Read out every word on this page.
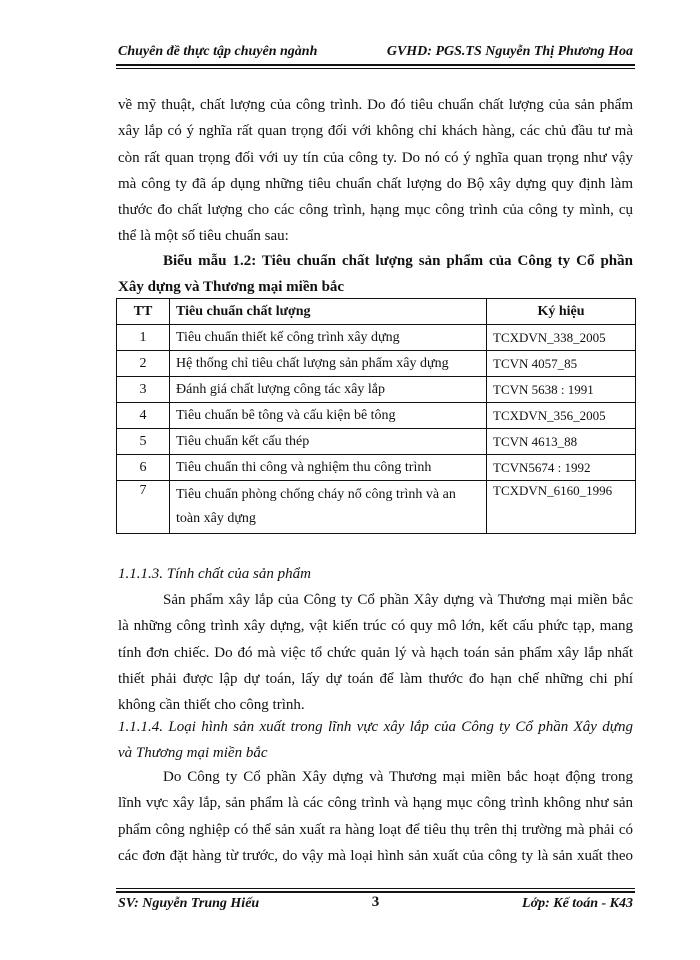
Chuyên đề thực tập chuyên ngành	GVHD: PGS.TS Nguyễn Thị Phương Hoa
về mỹ thuật, chất lượng của công trình. Do đó tiêu chuẩn chất lượng của sản phẩm
xây lắp có ý nghĩa rất quan trọng đối với không chỉ khách hàng, các chủ đầu tư mà
còn rất quan trọng đối với uy tín của công ty. Do nó có ý nghĩa quan trọng như vậy
mà công ty đã áp dụng những tiêu chuẩn chất lượng do Bộ xây dựng quy định làm
thước đo chất lượng cho các công trình, hạng mục công trình của công ty mình, cụ
thể là một số tiêu chuẩn sau:
Biểu mẫu 1.2: Tiêu chuẩn chất lượng sản phẩm của Công ty Cổ phần
Xây dựng và Thương mại miền bắc
TT	Tiêu chuẩn chất lượng	Ký hiệu
1	Tiêu chuẩn thiết kế công trình xây dựng	TCXDVN_338_2005
2	Hệ thống chỉ tiêu chất lượng sản phẩm xây dựng	TCVN 4057_85
3	Đánh giá chất lượng công tác xây lắp	TCVN 5638 : 1991
4	Tiêu chuẩn bê tông và cấu kiện bê tông	TCXDVN_356_2005
5	Tiêu chuẩn kết cấu thép	TCVN 4613_88
6	Tiêu chuẩn thi công và nghiệm thu công trình	TCVN5674 : 1992
7	Tiêu chuẩn phòng chống cháy nổ công trình và an toàn xây dựng	TCXDVN_6160_1996
1.1.1.3. Tính chất của sản phẩm
Sản phẩm xây lắp của Công ty Cổ phần Xây dựng và Thương mại miền bắc
là những công trình xây dựng, vật kiến trúc có quy mô lớn, kết cấu phức tạp, mang
tính đơn chiếc. Do đó mà việc tổ chức quản lý và hạch toán sản phẩm xây lắp nhất
thiết phải được lập dự toán, lấy dự toán để làm thước đo hạn chế những chi phí
không cần thiết cho công trình.
1.1.1.4. Loại hình sản xuất trong lĩnh vực xây lắp của Công ty Cổ phần Xây dựng
và Thương mại miền bắc
Do Công ty Cổ phần Xây dựng và Thương mại miền bắc hoạt động trong
lĩnh vực xây lắp, sản phẩm là các công trình và hạng mục công trình không như sản
phẩm công nghiệp có thể sản xuất ra hàng loạt để tiêu thụ trên thị trường mà phải có
các đơn đặt hàng từ trước, do vậy mà loại hình sản xuất của công ty là sản xuất theo
SV: Nguyễn Trung Hiếu	3	Lớp: Kế toán - K43
